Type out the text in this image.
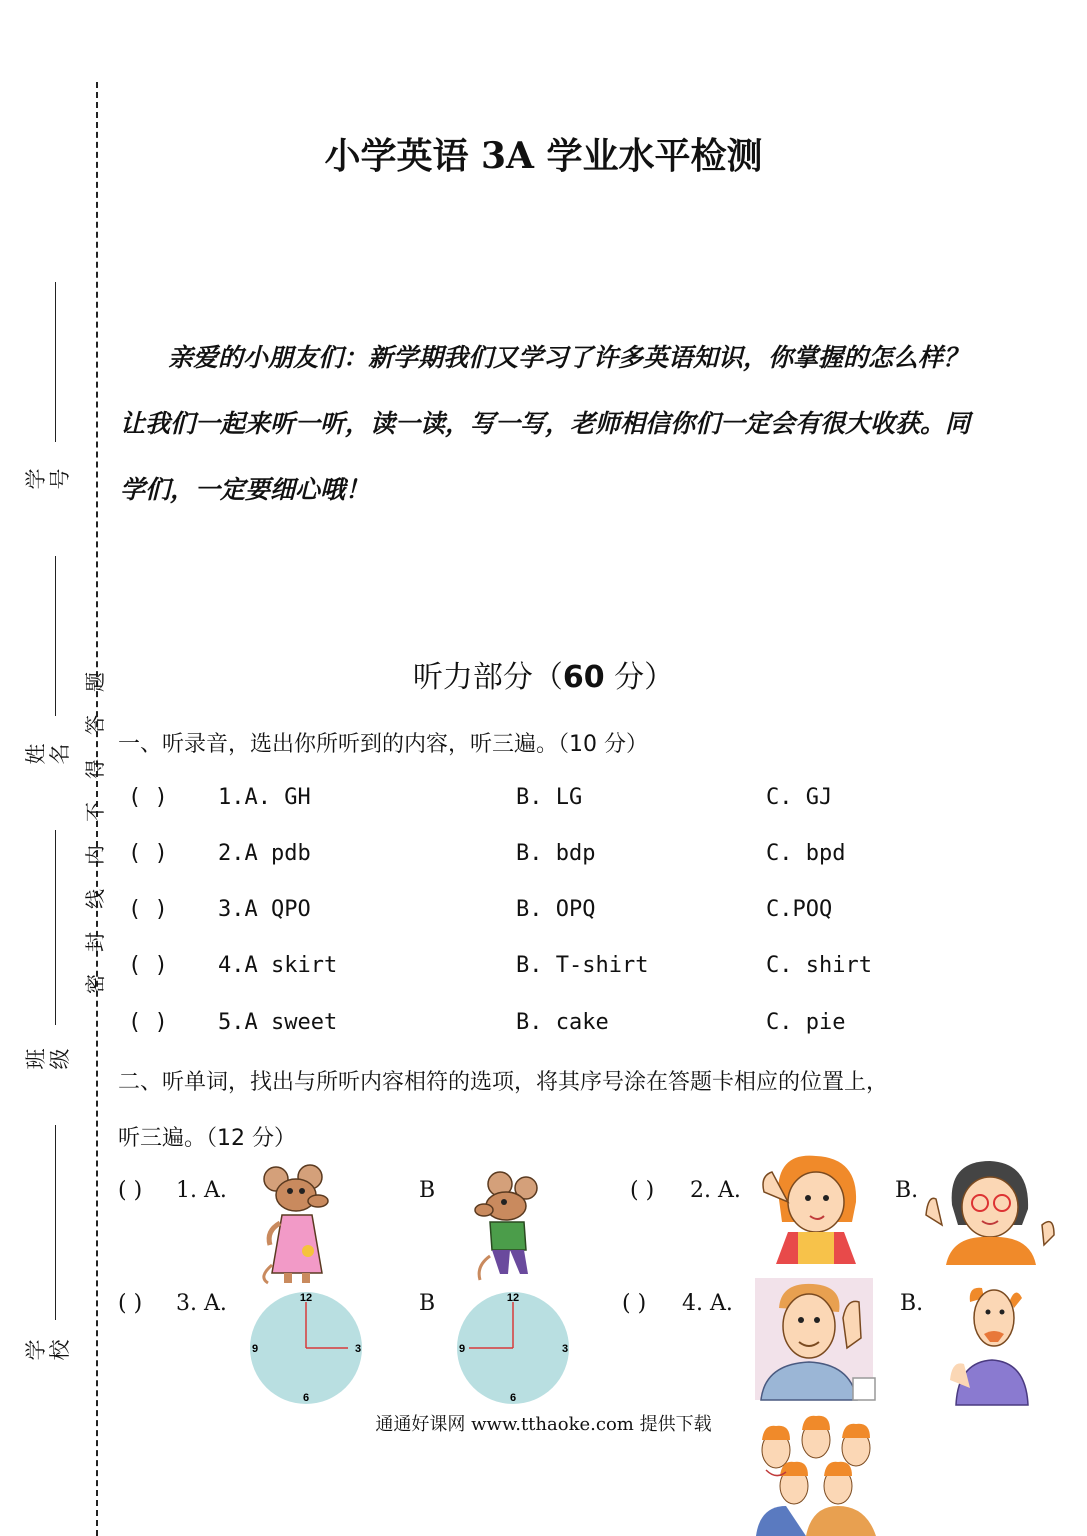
学号
姓名
班级
学校
密
封
线
内
不
得
答
题
小学英语 3A 学业水平检测
亲爱的小朋友们：新学期我们又学习了许多英语知识，你掌握的怎么样？让我们一起来听一听，读一读，写一写，老师相信你们一定会有很大收获。同学们，一定要细心哦！
听力部分（60 分）
一、听录音，选出你所听到的内容，听三遍。（10 分）
( ) 1.A. GH	B. LG	C. GJ
( ) 2.A pdb	B. bdp	C. bpd
( ) 3.A QPO	B. OPQ	C.POQ
( ) 4.A skirt	B. T-shirt	C. shirt
( ) 5.A sweet	B. cake	C. pie
二、听单词，找出与所听内容相符的选项，将其序号涂在答题卡相应的位置上，
听三遍。（12 分）
( ) 1. A.	B	( ) 2. A.	B.
( ) 3. A.	B	( ) 4. A.	B.
12
3
6
9
12
3
6
9
通通好课网 www.tthaoke.com 提供下载
